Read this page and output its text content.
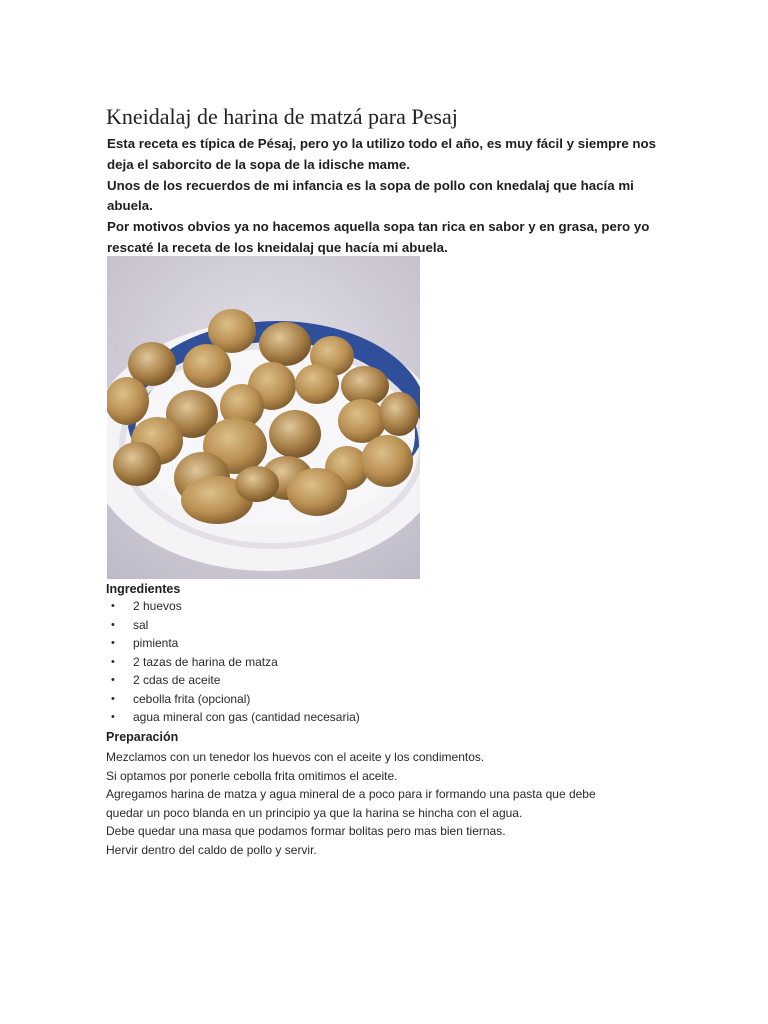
Kneidalaj de harina de matzá para Pesaj

Esta receta es típica de Pésaj, pero yo la utilizo todo el año, es muy fácil y siempre nos

deja el saborcito de la sopa de la idische mame.

Unos de los recuerdos de mi infancia es la sopa de pollo con knedalaj que hacía mi

abuela.

Por motivos obvios ya no hacemos aquella sopa tan rica en sabor y en grasa, pero yo

rescaté la receta de los kneidalaj que hacía mi abuela.

Ingredientes
• 2 huevos
• sal
• pimienta
• 2 tazas de harina de matza
• 2 cdas de aceite
• cebolla frita (opcional)
• agua mineral con gas (cantidad necesaria)
Preparación

Mezclamos con un tenedor los huevos con el aceite y los condimentos.

Si optamos por ponerle cebolla frita omitimos el aceite.

Agregamos harina de matza y agua mineral de a poco para ir formando una pasta que debe

quedar un poco blanda en un principio ya que la harina se hincha con el agua.

Debe quedar una masa que podamos formar bolitas pero mas bien tiernas.

Hervir dentro del caldo de pollo y servir.
